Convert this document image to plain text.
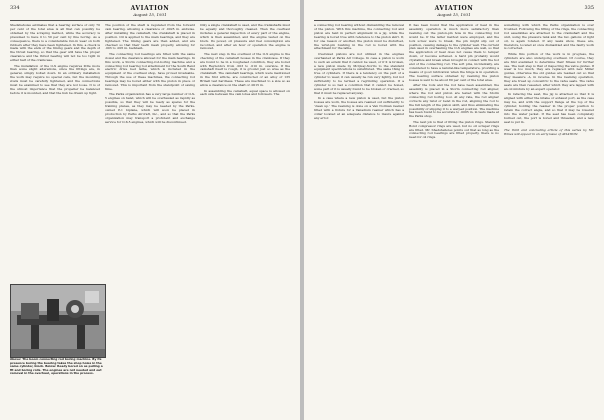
334	AVIATION
August 15, 1931

Shedsheholes estimates that a bearing surface of only 70 per cent of the total area is all that can possibly be obtained by the scraping method, while the accuracy is presumed to have 0 to 50 per cent by fine boring. As a consequence, there is a considerable run-in wear on both rubbers after they have been tightened. In this, a check is made with the ends of the timing gears and the depth of the thrust bearing, so that the gear will have the proper clearance and the thrust bearing will not be too tight in either half of the crankcase.

The installation of the O-X engine requires little more than some slight alterations, since the fittings are, in general, simply bolted down. In an ordinary installation the work may require no special care, but the mounting studs must be carefully tightened, and the connections must be examined to see that they are not loose. It is of the utmost importance that the propeller be balanced before it is mounted, and that the hub be drawn up tight.

The position of the shaft is regulated from the forward cam bearing, allowing a clearance of .0025 in. endwise. After installing the camshaft, the crankshaft is placed in position. Oil is applied to the main bearings, and they are tightened. The timing gears are then added, and are checked so that their teeth mesh properly, allowing for .003 to .005 in. backlash.

The connecting rod bearings are fitted with the same dowel and the clearance allowed for the main bearings. In this work, a Storm connecting-rod-boring machine and a connecting rod bearing rod attachment for the South Bend electric drive bed lathe, which is included in the equipment of the overhaul shop, have proved invaluable. Through the use of these machines, the connecting rod bearings may be bored either with the piston in place or removed. This is important from the standpoint of saving time.

The Parks organization has a very large number of O-X-5 engines on hand, which will be overhauled as rapidly as possible, so that they will be ready as spares for the training planes, as they may be needed by the Parks-owned P-1 biplane, which will soon be placed in production by Parks Aircraft, Inc., and so that the Parks organization may transport a proficient and exchange service for O-X-5 engines, which will be discontinued.

Only a single crankshaft is used, and the crankshafts must be equally and thoroughly cleaned. Then the overhaul includes a general inspection of every part of the engine, which is then assembled, and the engine tested on the block. Its power, oil pressure and fuel consumption are recorded, and after an hour of operation the engine is removed.

The next step in the overhaul of the O-X engine is the checking of the camshaft bosses in the crankcase. If they are found to be in a roughened condition, they are bored with Reynolds's from .003 to .010 in. oversize. If the camshaft itself is rough, it is ground just so wise as the crankshaft. The camshaft bearings, which were mentioned in the first article, are constructed of an alloy of 135 Brinell test hardness. These are machined to a size so as allow a clearance on the shaft of .0015 in.

In assembling the camshaft, equal space is allowed on each side between the cam lobes and followers. The

Above: The boom connecting rod boring machine. By its presence boring the bearing takes the shop holes in the same cylinder, block. Below: Ready bored on as pulling a fit and boring rolls. The engines are not needed and out removal in the overhaul, operations in the process.
335
AVIATION
August 15, 1931

a connecting rod bearing without dismantling the removal of the piston. With this machine, the connecting rod and piston are held in perfect alignment in a jig, while the bearing is bored true with reference to the piston skirt. If, for one reason or another, the piston must be disturbed, the wrist-pin bushing in the rod is bored with the attachment for the lathe.

Oversized pistons are not utilized in the engines overhauled at Parks Air College. In case a piston is worn to such an extent that it cannot be used, or if it is broken, a new piston made by McQuay-Norris to the standard equipment specifications is substituted. The same thing is true of cylinders. If there is a tendency on the part of a cylinder to wear, it can usually be run very lightly, but not sufficiently to be termed a regrinding operation. If a cylinder is so bad a condition that it cannot be honed, some part of it is usually found to be broken or cracked, so that it must be replaced anyway.

In a case where a new piston is used, but the piston bosses are worn, the bosses are reamed out sufficiently to 'clean up.' The reaming is done on a Van Norman reamer fitted with a fixture for a Vanadium reamer which has a collar located at an adequate distance to insure against any error.

It has been found that the application of heat in the assembly operation is much more satisfactory than reaming out the piston-pin hole in the connecting rod would be. If the latter method were employed, and the lock screw were to break, the pin might slip out of position, causing damage to the cylinder wall. The current plan used in overhauling the O-X engines are well, so that the application of heat does not cause them to temper down, or become softened. A hard pin probably would crystallize and break when brought in contact with the hot end of the connecting rod. The soft pins, incidentally, are considered to have a natural-like temperature, providing a means of good lubrication when the hinge is in operation. The bearing surface obtained by reaming the piston bosses is said to be about 80 per cent of the total area.

After the rods and the rod have been assembled, the assembly is placed in a Storm connecting rod aligner, where the rod and piston are tested with the Storm connecting rod boring tool. At any rate, the rod aligner corrects any twist or bend in the rod, aligning the rod to the full length of the piston skirt, and thus eliminating the possibility of slipping it to a warped position. The machine has been found to be accurate to .0005 in. in tests made at the Parks shop.

The next job is that of fitting the piston rings. Standard Bond compressor rings are used, but no oil scraper rings are fitted. Mr. Shedsheholes points out that as long as the connecting rod bearings are fitted properly, there is no need for oil rings.

something with which the Parks organization is over troubled. Following the fitting of the rings, the connecting rod assemblies are attached to the crankshaft and the unit, using the pressure tank and the two gallons of light oil, is again rotated. If any leaks show, these are, therefore, located at once dismantled and the faulty work is corrected.

While this portion of the work is in progress, the cylinders are also undergoing overhaul. Of course, they are first examined to determine their fitness for further use. The next step is that of inspecting the valve guides. If wear is too much, they are replaced with new Miller guides, otherwise the old guides are reamed out so that they measure .A, in reverse. In the reaming operation, they are trued up concentric to the valve seats. The valve seats are then reseated, after which they are lapped with an oil mixture by an expert operator.

In refacing the seat, the jig is attached so that it is aligned with either the intake or exhaust port, as the case may be, and with the support flange at the top of the cylinder, holding the reamer in the proper position to retain the correct angle, and so that it may be lowered into the water jacket. If the seat has been completely burned out, the port is bored and threaded, and a new seat is put in.

The third and concluding article of this series by Mr. Wines will appear in an early issue of AVIATION.
